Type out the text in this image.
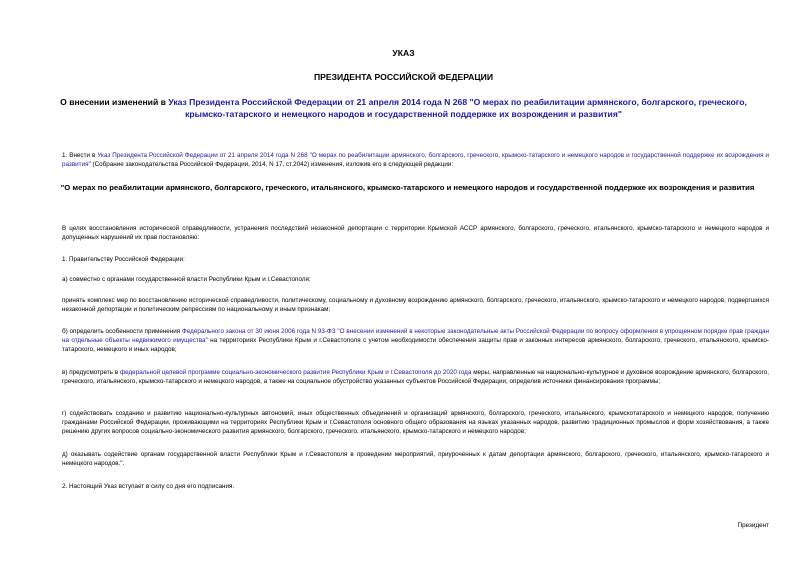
УКАЗ
ПРЕЗИДЕНТА РОССИЙСКОЙ ФЕДЕРАЦИИ
О внесении изменений в Указ Президента Российской Федерации от 21 апреля 2014 года N 268 "О мерах по реабилитации армянского, болгарского, греческого, крымско-татарского и немецкого народов и государственной поддержке их возрождения и развития"

1. Внести в Указ Президента Российской Федерации от 21 апреля 2014 года N 268 "О мерах по реабилитации армянского, болгарского, греческого, крымско-татарского и немецкого народов и государственной поддержке их возрождения и развития" (Собрание законодательства Российской Федерации, 2014, N 17, ст.2042) изменения, изложив его в следующей редакции:

"О мерах по реабилитации армянского, болгарского, греческого, итальянского, крымско-татарского и немецкого народов и государственной поддержке их возрождения и развития

В целях восстановления исторической справедливости, устранения последствий незаконной депортации с территории Крымской АССР армянского, болгарского, греческого, итальянского, крымско-татарского и немецкого народов и допущенных нарушений их прав постановляю:

1. Правительству Российской Федерации:

а) совместно с органами государственной власти Республики Крым и г.Севастополя:

принять комплекс мер по восстановлению исторической справедливости, политическому, социальному и духовному возрождению армянского, болгарского, греческого, итальянского, крымско-татарского и немецкого народов, подвергшихся незаконной депортации и политическим репрессиям по национальному и иным признакам;

б) определить особенности применения Федерального закона от 30 июня 2006 года N 93-ФЗ "О внесении изменений в некоторые законодательные акты Российской Федерации по вопросу оформления в упрощенном порядке прав граждан на отдельные объекты недвижимого имущества" на территориях Республики Крым и г.Севастополя с учетом необходимости обеспечения защиты прав и законных интересов армянского, болгарского, греческого, итальянского, крымско-татарского, немецкого и иных народов;

в) предусмотреть в федеральной целевой программе социально-экономического развития Республики Крым и г.Севастополя до 2020 года меры, направленные на национально-культурное и духовное возрождение армянского, болгарского, греческого, итальянского, крымско-татарского и немецкого народов, а также на социальное обустройство указанных субъектов Российской Федерации, определив источники финансирования программы;

г) содействовать созданию и развитию национально-культурных автономий, иных общественных объединений и организаций армянского, болгарского, греческого, итальянского, крымскотатарского и немецкого народов, получению гражданами Российской Федерации, проживающими на территориях Республики Крым и г.Севастополя основного общего образования на языках указанных народов, развитию традиционных промыслов и форм хозяйствования, а также решению других вопросов социально-экономического развития армянского, болгарского, греческого, итальянского, крымско-татарского и немецкого народов;

д) оказывать содействие органам государственной власти Республики Крым и г.Севастополя в проведении мероприятий, приуроченных к датам депортации армянского, болгарского, греческого, итальянского, крымско-татарского и немецкого народов.".

2. Настоящий Указ вступает в силу со дня его подписания.

Президент
